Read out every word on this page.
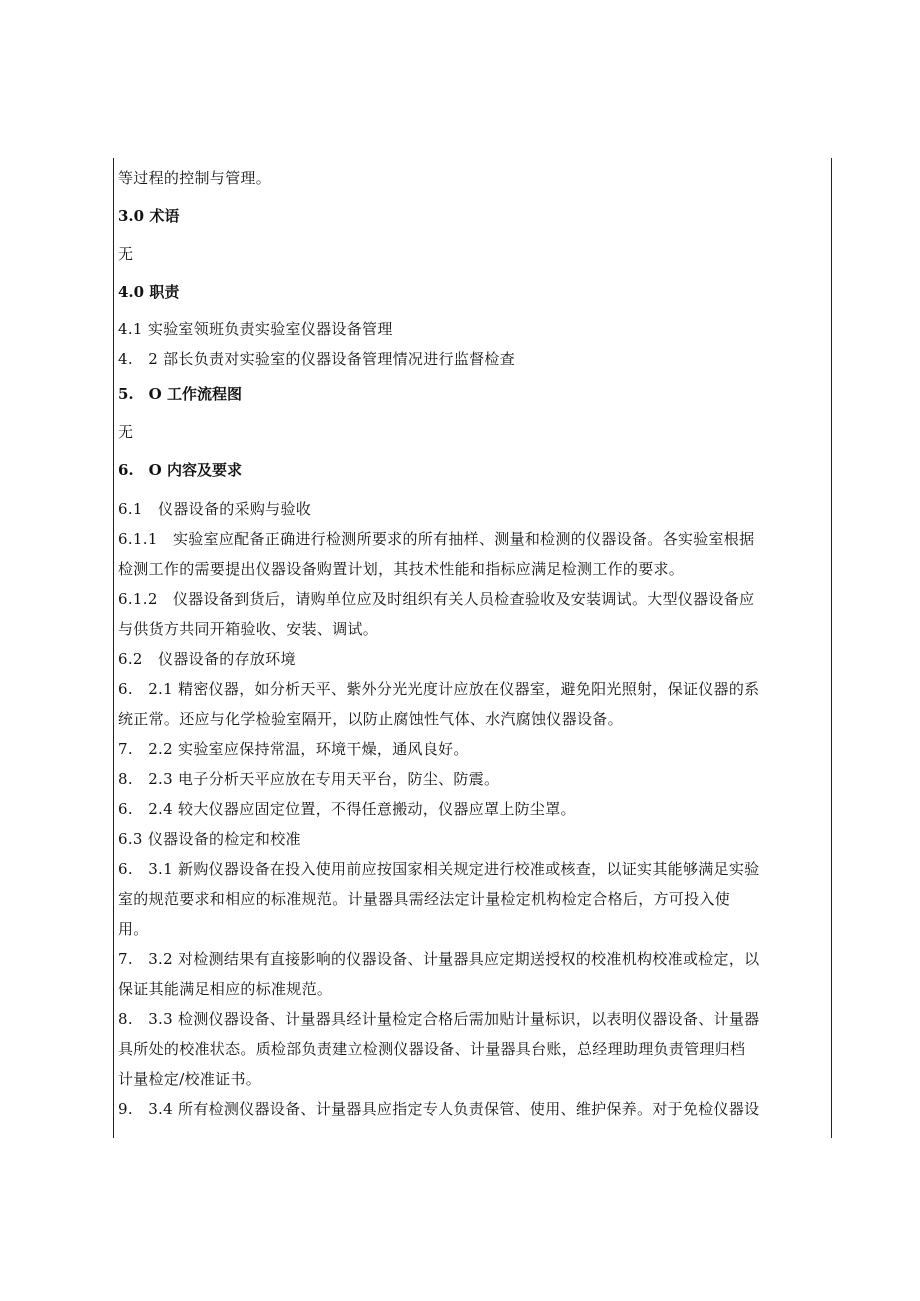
等过程的控制与管理。
3.0 术语
无
4.0 职责
4.1 实验室领班负责实验室仪器设备管理
4.　2 部长负责对实验室的仪器设备管理情况进行监督检查
5.　O 工作流程图
无
6.　O 内容及要求
6.1　仪器设备的采购与验收
6.1.1　实验室应配备正确进行检测所要求的所有抽样、测量和检测的仪器设备。各实验室根据
检测工作的需要提出仪器设备购置计划，其技术性能和指标应满足检测工作的要求。
6.1.2　仪器设备到货后，请购单位应及时组织有关人员检查验收及安装调试。大型仪器设备应
与供货方共同开箱验收、安装、调试。
6.2　仪器设备的存放环境
6.　2.1 精密仪器，如分析天平、紫外分光光度计应放在仪器室，避免阳光照射，保证仪器的系
统正常。还应与化学检验室隔开，以防止腐蚀性气体、水汽腐蚀仪器设备。
7.　2.2 实验室应保持常温，环境干燥，通风良好。
8.　2.3 电子分析天平应放在专用天平台，防尘、防震。
6.　2.4 较大仪器应固定位置，不得任意搬动，仪器应罩上防尘罩。
6.3 仪器设备的检定和校准
6.　3.1 新购仪器设备在投入使用前应按国家相关规定进行校准或核查，以证实其能够满足实验
室的规范要求和相应的标准规范。计量器具需经法定计量检定机构检定合格后，方可投入使
用。
7.　3.2 对检测结果有直接影响的仪器设备、计量器具应定期送授权的校准机构校准或检定，以
保证其能满足相应的标准规范。
8.　3.3 检测仪器设备、计量器具经计量检定合格后需加贴计量标识，以表明仪器设备、计量器
具所处的校准状态。质检部负责建立检测仪器设备、计量器具台账，总经理助理负责管理归档
计量检定/校准证书。
9.　3.4 所有检测仪器设备、计量器具应指定专人负责保管、使用、维护保养。对于免检仪器设
